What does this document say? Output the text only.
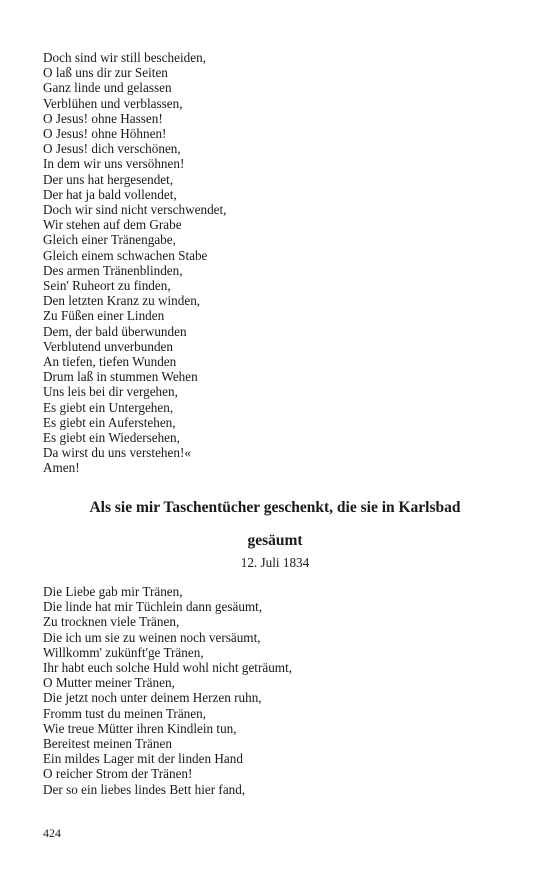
Doch sind wir still bescheiden,
O laß uns dir zur Seiten
Ganz linde und gelassen
Verblühen und verblassen,
O Jesus! ohne Hassen!
O Jesus! ohne Höhnen!
O Jesus! dich verschönen,
In dem wir uns versöhnen!
Der uns hat hergesendet,
Der hat ja bald vollendet,
Doch wir sind nicht verschwendet,
Wir stehen auf dem Grabe
Gleich einer Tränengabe,
Gleich einem schwachen Stabe
Des armen Tränenblinden,
Sein' Ruheort zu finden,
Den letzten Kranz zu winden,
Zu Füßen einer Linden
Dem, der bald überwunden
Verblutend unverbunden
An tiefen, tiefen Wunden
Drum laß in stummen Wehen
Uns leis bei dir vergehen,
Es giebt ein Untergehen,
Es giebt ein Auferstehen,
Es giebt ein Wiedersehen,
Da wirst du uns verstehen!«
Amen!
Als sie mir Taschentücher geschenkt, die sie in Karlsbad
gesäumt
12. Juli 1834
Die Liebe gab mir Tränen,
Die linde hat mir Tüchlein dann gesäumt,
Zu trocknen viele Tränen,
Die ich um sie zu weinen noch versäumt,
Willkomm' zukünft'ge Tränen,
Ihr habt euch solche Huld wohl nicht geträumt,
O Mutter meiner Tränen,
Die jetzt noch unter deinem Herzen ruhn,
Fromm tust du meinen Tränen,
Wie treue Mütter ihren Kindlein tun,
Bereitest meinen Tränen
Ein mildes Lager mit der linden Hand
O reicher Strom der Tränen!
Der so ein liebes lindes Bett hier fand,
424
